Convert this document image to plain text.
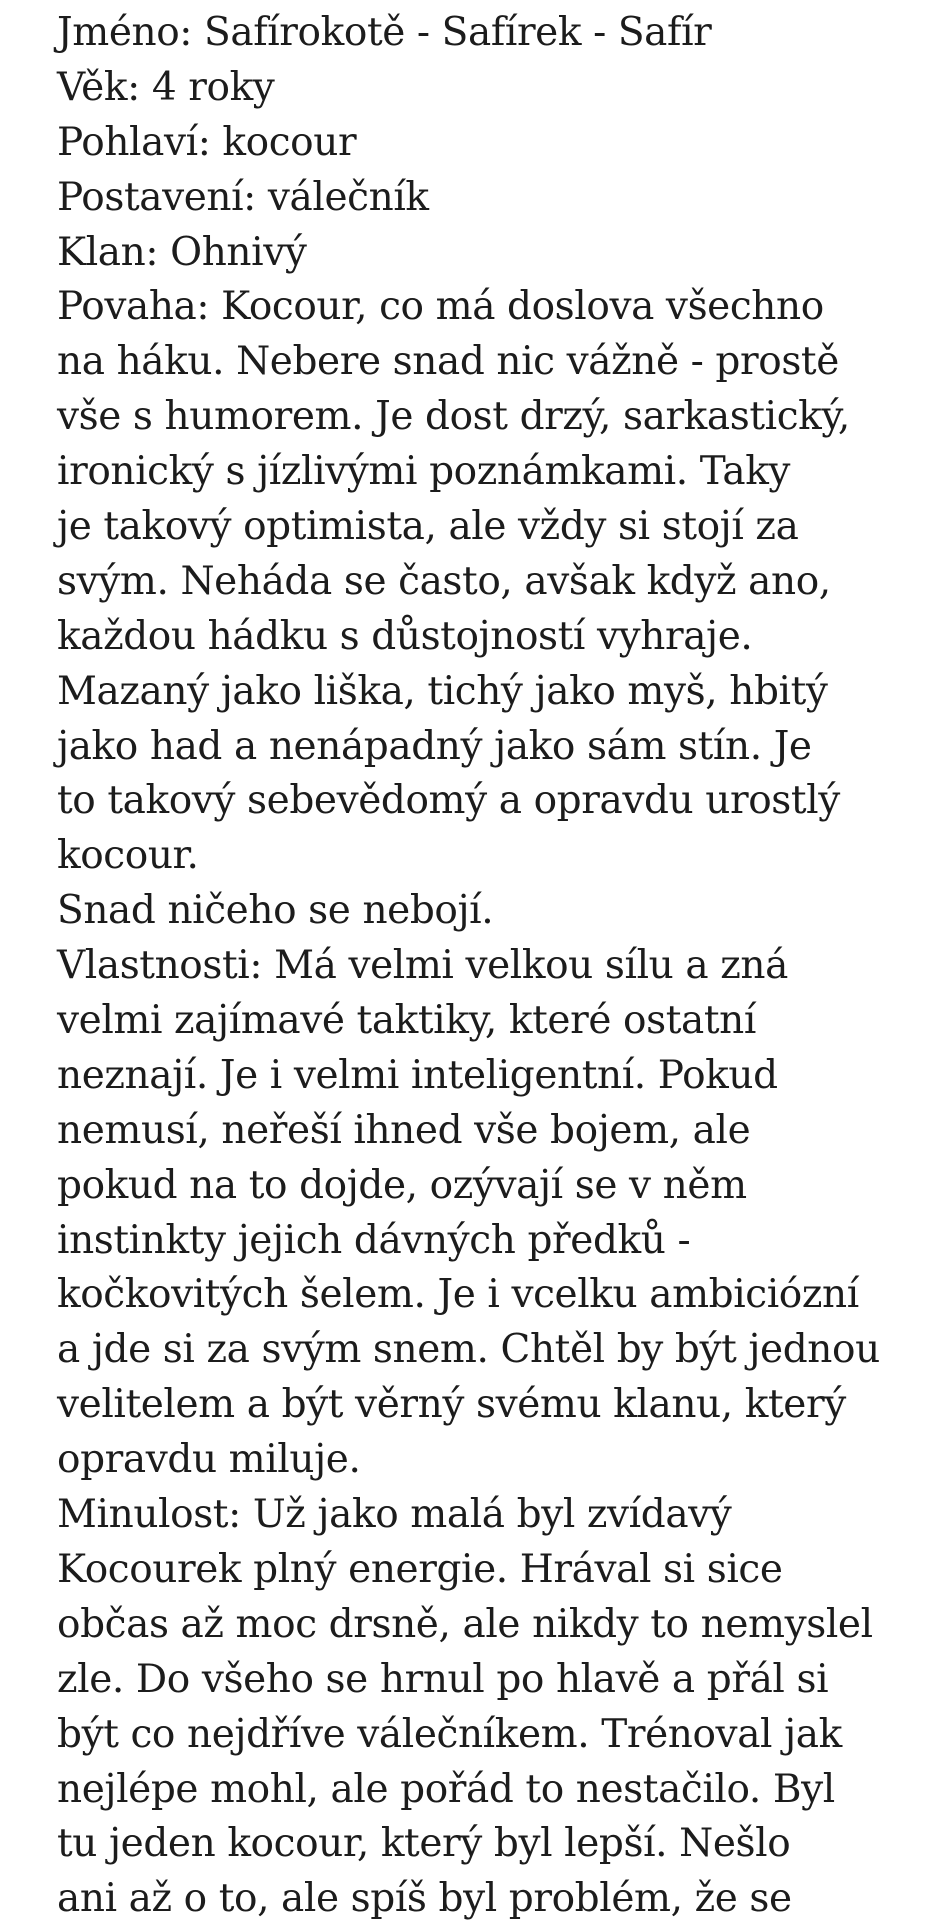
Jméno: Safírokotě - Safírek - Safír
Věk: 4 roky
Pohlaví: kocour
Postavení: válečník
Klan: Ohnivý
Povaha: Kocour, co má doslova všechno
na háku. Nebere snad nic vážně - prostě
vše s humorem. Je dost drzý, sarkastický,
ironický s jízlivými poznámkami. Taky
je takový optimista, ale vždy si stojí za
svým. Neháda se často, avšak když ano,
každou hádku s důstojností vyhraje.
Mazaný jako liška, tichý jako myš, hbitý
jako had a nenápadný jako sám stín. Je
to takový sebevědomý a opravdu urostlý
kocour.
Snad ničeho se nebojí.
Vlastnosti: Má velmi velkou sílu a zná
velmi zajímavé taktiky, které ostatní
neznají. Je i velmi inteligentní. Pokud
nemusí, neřeší ihned vše bojem, ale
pokud na to dojde, ozývají se v něm
instinkty jejich dávných předků -
kočkovitých šelem. Je i vcelku ambiciózní
a jde si za svým snem. Chtěl by být jednou
velitelem a být věrný svému klanu, který
opravdu miluje.
Minulost: Už jako malá byl zvídavý
Kocourek plný energie. Hrával si sice
občas až moc drsně, ale nikdy to nemyslel
zle. Do všeho se hrnul po hlavě a přál si
být co nejdříve válečníkem. Trénoval jak
nejlépe mohl, ale pořád to nestačilo. Byl
tu jeden kocour, který byl lepší. Nešlo
ani až o to, ale spíš byl problém, že se
